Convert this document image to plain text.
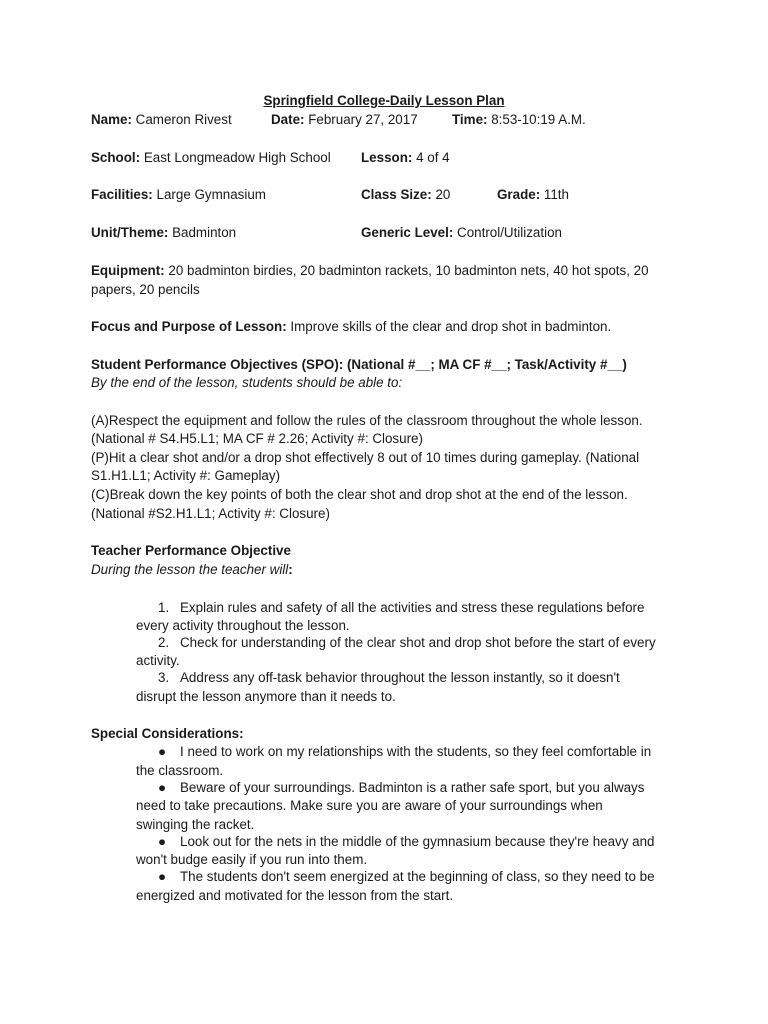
Springfield College-Daily Lesson Plan
Name: Cameron Rivest	Date: February 27, 2017	Time: 8:53-10:19 A.M.
School: East Longmeadow High School Lesson: 4 of 4
Facilities: Large Gymnasium	Class Size: 20	Grade: 11th
Unit/Theme: Badminton	Generic Level: Control/Utilization
Equipment: 20 badminton birdies, 20 badminton rackets, 10 badminton nets, 40 hot spots, 20
papers, 20 pencils
Focus and Purpose of Lesson: Improve skills of the clear and drop shot in badminton.
Student Performance Objectives (SPO): (National #__; MA CF #__; Task/Activity #__)
By the end of the lesson, students should be able to:
(A)Respect the equipment and follow the rules of the classroom throughout the whole lesson.
(National # S4.H5.L1; MA CF # 2.26; Activity #: Closure)
(P)Hit a clear shot and/or a drop shot effectively 8 out of 10 times during gameplay. (National
S1.H1.L1; Activity #: Gameplay)
(C)Break down the key points of both the clear shot and drop shot at the end of the lesson.
(National #S2.H1.L1; Activity #: Closure)
Teacher Performance Objective
During the lesson the teacher will:
1. Explain rules and safety of all the activities and stress these regulations before
every activity throughout the lesson.
2. Check for understanding of the clear shot and drop shot before the start of every
activity.
3. Address any off-task behavior throughout the lesson instantly, so it doesn't
disrupt the lesson anymore than it needs to.
Special Considerations:
● I need to work on my relationships with the students, so they feel comfortable in
the classroom.
● Beware of your surroundings. Badminton is a rather safe sport, but you always
need to take precautions. Make sure you are aware of your surroundings when
swinging the racket.
● Look out for the nets in the middle of the gymnasium because they're heavy and
won't budge easily if you run into them.
● The students don't seem energized at the beginning of class, so they need to be
energized and motivated for the lesson from the start.
